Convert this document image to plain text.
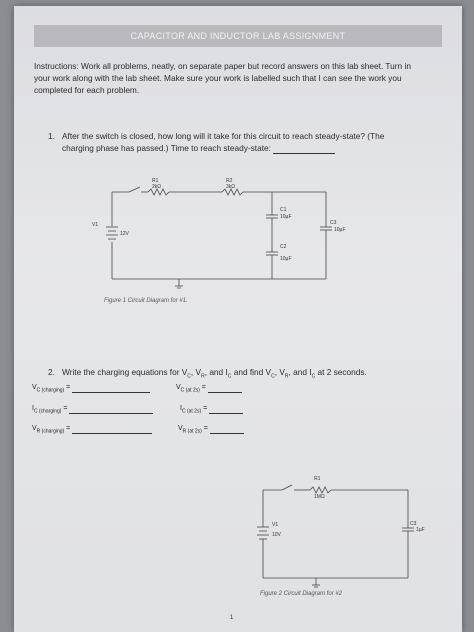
CAPACITOR AND INDUCTOR LAB ASSIGNMENT
Instructions: Work all problems, neatly, on separate paper but record answers on this lab sheet. Turn in
your work along with the lab sheet. Make sure your work is labelled such that I can see the work you
completed for each problem.
1. After the switch is closed, how long will it take for this circuit to reach steady-state? (The
charging phase has passed.) Time to reach steady-state:
R1
2kΩ
R2
3kΩ
V1
12V
C1
10µF
C2
10µF
C3
10µF
Figure 1 Circuit Diagram for #1.
2. Write the charging equations for $V_C$, $V_R$, and $I_C$ and find $V_C$, $V_R$, and $I_C$ at 2 seconds.
$V_{C (charging)}$ =	$V_{C (at 2s)}$ =
$I_{C (charging)}$ =	$I_{C (at 2s)}$ =
$V_{R (charging)}$ =	$V_{R (at 2s)}$ =
R1
1MΩ
V1
10V
C3
1µF
Figure 2 Circuit Diagram for #2
1
